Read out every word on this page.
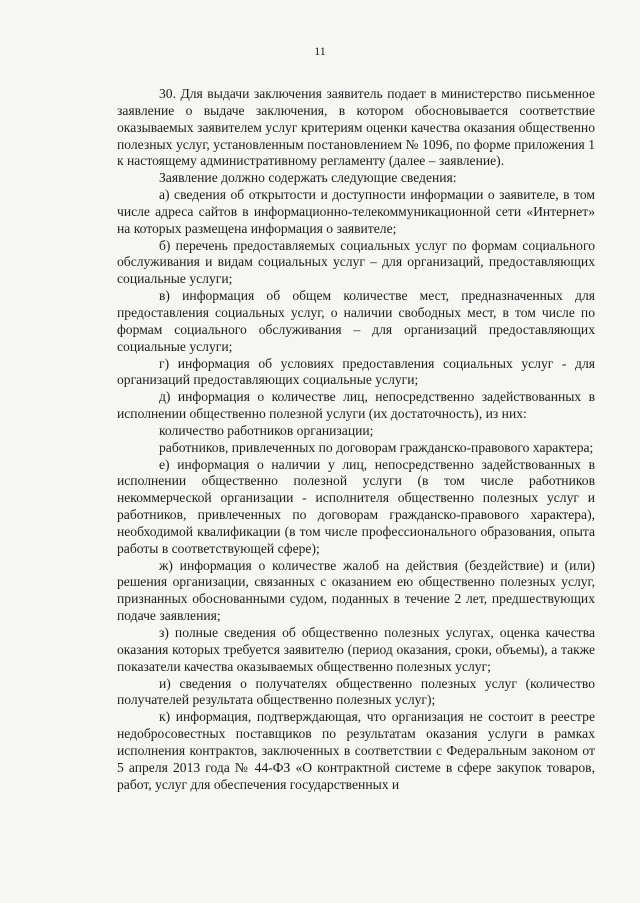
11

30. Для выдачи заключения заявитель подает в министерство письменное заявление о выдаче заключения, в котором обосновывается соответствие оказываемых заявителем услуг критериям оценки качества оказания общественно полезных услуг, установленным постановлением № 1096, по форме приложения 1 к настоящему административному регламенту (далее – заявление).

Заявление должно содержать следующие сведения:

а) сведения об открытости и доступности информации о заявителе, в том числе адреса сайтов в информационно-телекоммуникационной сети «Интернет» на которых размещена информация о заявителе;

б) перечень предоставляемых социальных услуг по формам социального обслуживания и видам социальных услуг – для организаций, предоставляющих социальные услуги;

в) информация об общем количестве мест, предназначенных для предоставления социальных услуг, о наличии свободных мест, в том числе по формам социального обслуживания – для организаций предоставляющих социальные услуги;

г) информация об условиях предоставления социальных услуг - для организаций предоставляющих социальные услуги;

д) информация о количестве лиц, непосредственно задействованных в исполнении общественно полезной услуги (их достаточность), из них:

количество работников организации;

работников, привлеченных по договорам гражданско-правового характера;

е) информация о наличии у лиц, непосредственно задействованных в исполнении общественно полезной услуги (в том числе работников некоммерческой организации - исполнителя общественно полезных услуг и работников, привлеченных по договорам гражданско-правового характера), необходимой квалификации (в том числе профессионального образования, опыта работы в соответствующей сфере);

ж) информация о количестве жалоб на действия (бездействие) и (или) решения организации, связанных с оказанием ею общественно полезных услуг, признанных обоснованными судом, поданных в течение 2 лет, предшествующих подаче заявления;

з) полные сведения об общественно полезных услугах, оценка качества оказания которых требуется заявителю (период оказания, сроки, объемы), а также показатели качества оказываемых общественно полезных услуг;

и) сведения о получателях общественно полезных услуг (количество получателей результата общественно полезных услуг);

к) информация, подтверждающая, что организация не состоит в реестре недобросовестных поставщиков по результатам оказания услуги в рамках исполнения контрактов, заключенных в соответствии с Федеральным законом от 5 апреля 2013 года № 44-ФЗ «О контрактной системе в сфере закупок товаров, работ, услуг для обеспечения государственных и
